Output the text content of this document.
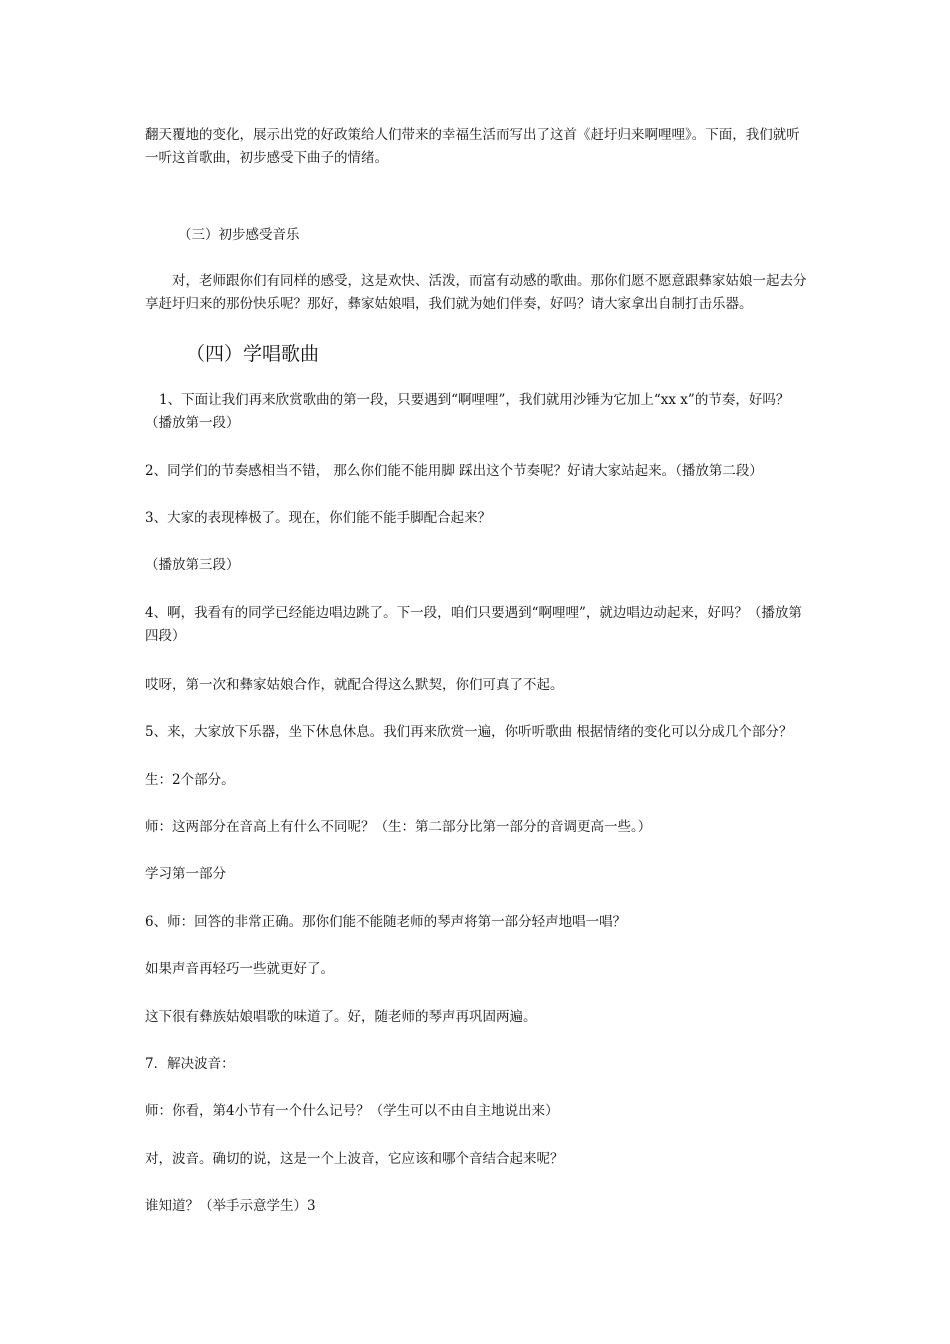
翻天覆地的变化，展示出党的好政策给人们带来的幸福生活而写出了这首《赶圩归来啊哩哩》。下面，我们就听一听这首歌曲，初步感受下曲子的情绪。

（三）初步感受音乐

对，老师跟你们有同样的感受，这是欢快、活泼，而富有动感的歌曲。那你们愿不愿意跟彝家姑娘一起去分享赶圩归来的那份快乐呢？那好，彝家姑娘唱，我们就为她们伴奏，好吗？请大家拿出自制打击乐器。

（四）学唱歌曲

1、下面让我们再来欣赏歌曲的第一段，只要遇到“啊哩哩”，我们就用沙锤为它加上“xx x”的节奏，好吗？（播放第一段）

2、同学们的节奏感相当不错， 那么你们能不能用脚 踩出这个节奏呢？好请大家站起来。（播放第二段）

3、大家的表现棒极了。现在，你们能不能手脚配合起来？

（播放第三段）

4、啊，我看有的同学已经能边唱边跳了。下一段，咱们只要遇到“啊哩哩”，就边唱边动起来，好吗？（播放第四段）

哎呀，第一次和彝家姑娘合作，就配合得这么默契，你们可真了不起。

5、来，大家放下乐器，坐下休息休息。我们再来欣赏一遍，你听听歌曲 根据情绪的变化可以分成几个部分？

生：2个部分。

师：这两部分在音高上有什么不同呢？（生：第二部分比第一部分的音调更高一些。）

学习第一部分

6、师：回答的非常正确。那你们能不能随老师的琴声将第一部分轻声地唱一唱？

如果声音再轻巧一些就更好了。

这下很有彝族姑娘唱歌的味道了。好，随老师的琴声再巩固两遍。

7．解决波音：

师：你看，第4小节有一个什么记号？（学生可以不由自主地说出来）

对，波音。确切的说，这是一个上波音，它应该和哪个音结合起来呢？

谁知道？（举手示意学生）3
